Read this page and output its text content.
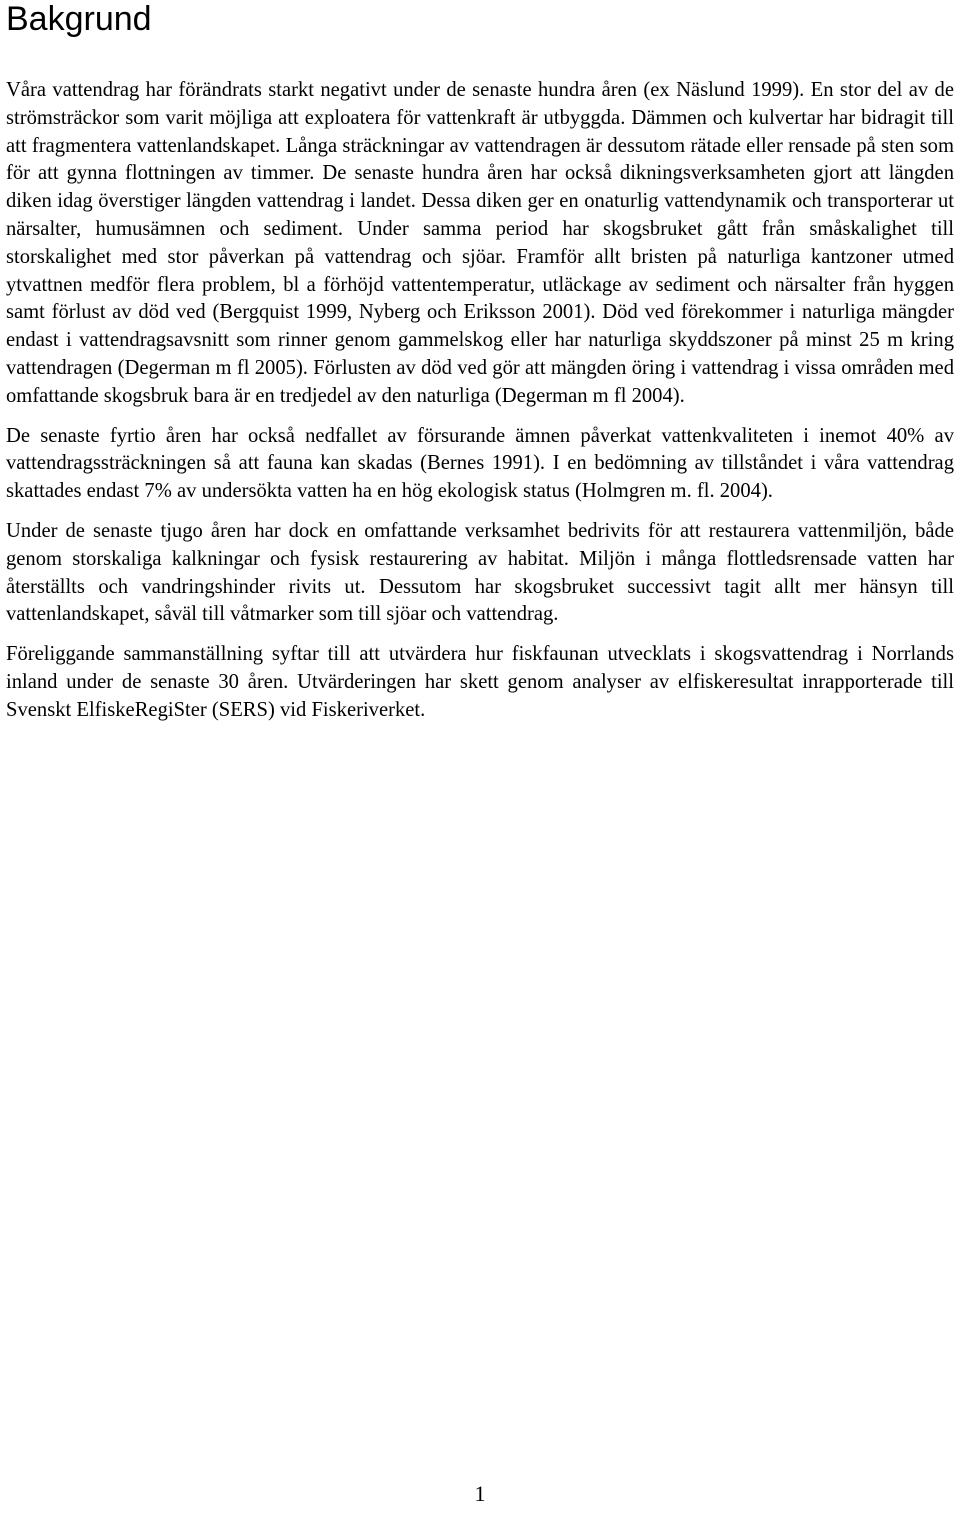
Bakgrund

Våra vattendrag har förändrats starkt negativt under de senaste hundra åren (ex Näslund 1999). En stor del av de strömsträckor som varit möjliga att exploatera för vattenkraft är utbyggda. Dämmen och kulvertar har bidragit till att fragmentera vattenlandskapet. Långa sträckningar av vattendragen är dessutom rätade eller rensade på sten som för att gynna flottningen av timmer. De senaste hundra åren har också dikningsverksamheten gjort att längden diken idag överstiger längden vattendrag i landet. Dessa diken ger en onaturlig vattendynamik och transporterar ut närsalter, humusämnen och sediment. Under samma period har skogsbruket gått från småskalighet till storskalighet med stor påverkan på vattendrag och sjöar. Framför allt bristen på naturliga kantzoner utmed ytvattnen medför flera problem, bl a förhöjd vattentemperatur, utläckage av sediment och närsalter från hyggen samt förlust av död ved (Bergquist 1999, Nyberg och Eriksson 2001). Död ved förekommer i naturliga mängder endast i vattendragsavsnitt som rinner genom gammelskog eller har naturliga skyddszoner på minst 25 m kring vattendragen (Degerman m fl 2005). Förlusten av död ved gör att mängden öring i vattendrag i vissa områden med omfattande skogsbruk bara är en tredjedel av den naturliga (Degerman m fl 2004).

De senaste fyrtio åren har också nedfallet av försurande ämnen påverkat vattenkvaliteten i inemot 40% av vattendragssträckningen så att fauna kan skadas (Bernes 1991). I en bedömning av tillståndet i våra vattendrag skattades endast 7% av undersökta vatten ha en hög ekologisk status (Holmgren m. fl. 2004).

Under de senaste tjugo åren har dock en omfattande verksamhet bedrivits för att restaurera vattenmiljön, både genom storskaliga kalkningar och fysisk restaurering av habitat. Miljön i många flottledsrensade vatten har återställts och vandringshinder rivits ut. Dessutom har skogsbruket successivt tagit allt mer hänsyn till vattenlandskapet, såväl till våtmarker som till sjöar och vattendrag.

Föreliggande sammanställning syftar till att utvärdera hur fiskfaunan utvecklats i skogsvattendrag i Norrlands inland under de senaste 30 åren. Utvärderingen har skett genom analyser av elfiskeresultat inrapporterade till Svenskt ElfiskeRegiSter (SERS) vid Fiskeriverket.

1
